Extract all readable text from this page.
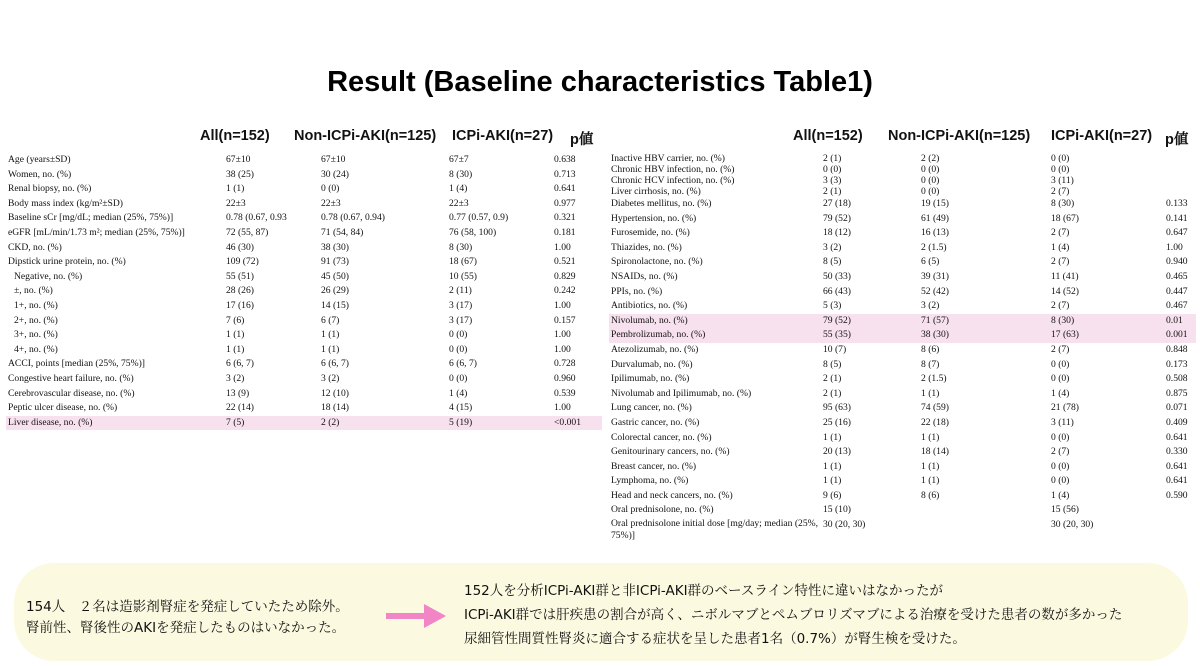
Result (Baseline characteristics Table1)
All(n=152) Non-ICPi-AKI(n=125) ICPi-AKI(n=27) p値	All(n=152) Non-ICPi-AKI(n=125) ICPi-AKI(n=27) p値
Age (years±SD)	67±10	67±10	67±7	0.638
Women, no. (%)	38 (25)	30 (24)	8 (30)	0.713
Renal biopsy, no. (%)	1 (1)	0 (0)	1 (4)	0.641
Body mass index (kg/m²±SD)	22±3	22±3	22±3	0.977
Baseline sCr [mg/dL; median (25%, 75%)]	0.78 (0.67, 0.93	0.78 (0.67, 0.94)	0.77 (0.57, 0.9)	0.321
eGFR [mL/min/1.73 m²; median (25%, 75%)]	72 (55, 87)	71 (54, 84)	76 (58, 100)	0.181
CKD, no. (%)	46 (30)	38 (30)	8 (30)	1.00
Dipstick urine protein, no. (%)	109 (72)	91 (73)	18 (67)	0.521
Negative, no. (%)	55 (51)	45 (50)	10 (55)	0.829
±, no. (%)	28 (26)	26 (29)	2 (11)	0.242
1+, no. (%)	17 (16)	14 (15)	3 (17)	1.00
2+, no. (%)	7 (6)	6 (7)	3 (17)	0.157
3+, no. (%)	1 (1)	1 (1)	0 (0)	1.00
4+, no. (%)	1 (1)	1 (1)	0 (0)	1.00
ACCI, points [median (25%, 75%)]	6 (6, 7)	6 (6, 7)	6 (6, 7)	0.728
Congestive heart failure, no. (%)	3 (2)	3 (2)	0 (0)	0.960
Cerebrovascular disease, no. (%)	13 (9)	12 (10)	1 (4)	0.539
Peptic ulcer disease, no. (%)	22 (14)	18 (14)	4 (15)	1.00
Liver disease, no. (%)	7 (5)	2 (2)	5 (19)	<0.001
Inactive HBV carrier, no. (%)	2 (1)	2 (2)	0 (0)	
Chronic HBV infection, no. (%)	0 (0)	0 (0)	0 (0)	
Chronic HCV infection, no. (%)	3 (3)	0 (0)	3 (11)	
Liver cirrhosis, no. (%)	2 (1)	0 (0)	2 (7)	
Diabetes mellitus, no. (%)	27 (18)	19 (15)	8 (30)	0.133
Hypertension, no. (%)	79 (52)	61 (49)	18 (67)	0.141
Furosemide, no. (%)	18 (12)	16 (13)	2 (7)	0.647
Thiazides, no. (%)	3 (2)	2 (1.5)	1 (4)	1.00
Spironolactone, no. (%)	8 (5)	6 (5)	2 (7)	0.940
NSAIDs, no. (%)	50 (33)	39 (31)	11 (41)	0.465
PPIs, no. (%)	66 (43)	52 (42)	14 (52)	0.447
Antibiotics, no. (%)	5 (3)	3 (2)	2 (7)	0.467
Nivolumab, no. (%)	79 (52)	71 (57)	8 (30)	0.01
Pembrolizumab, no. (%)	55 (35)	38 (30)	17 (63)	0.001
Atezolizumab, no. (%)	10 (7)	8 (6)	2 (7)	0.848
Durvalumab, no. (%)	8 (5)	8 (7)	0 (0)	0.173
Ipilimumab, no. (%)	2 (1)	2 (1.5)	0 (0)	0.508
Nivolumab and Ipilimumab, no. (%)	2 (1)	1 (1)	1 (4)	0.875
Lung cancer, no. (%)	95 (63)	74 (59)	21 (78)	0.071
Gastric cancer, no. (%)	25 (16)	22 (18)	3 (11)	0.409
Colorectal cancer, no. (%)	1 (1)	1 (1)	0 (0)	0.641
Genitourinary cancers, no. (%)	20 (13)	18 (14)	2 (7)	0.330
Breast cancer, no. (%)	1 (1)	1 (1)	0 (0)	0.641
Lymphoma, no. (%)	1 (1)	1 (1)	0 (0)	0.641
Head and neck cancers, no. (%)	9 (6)	8 (6)	1 (4)	0.590
Oral prednisolone, no. (%)	15 (10)		15 (56)	
Oral prednisolone initial dose [mg/day; median (25%, 75%)]	30 (20, 30)		30 (20, 30)	
154人　２名は造影剤腎症を発症していたため除外。
腎前性、腎後性のAKIを発症したものはいなかった。
152人を分析ICPi-AKI群と非ICPi-AKI群のベースライン特性に違いはなかったが
ICPi-AKI群では肝疾患の割合が高く、ニボルマブとペムブロリズマブによる治療を受けた患者の数が多かった
尿細管性間質性腎炎に適合する症状を呈した患者1名（0.7%）が腎生検を受けた。
